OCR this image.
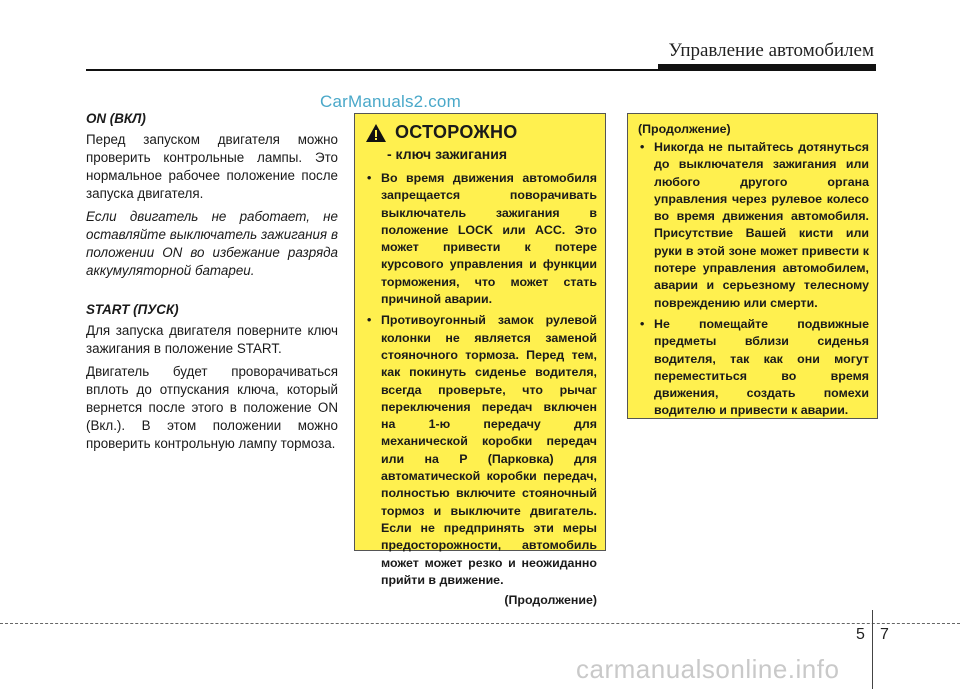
Управление автомобилем
CarManuals2.com

ON (ВКЛ)

Перед запуском двигателя можно проверить контрольные лампы. Это нормальное рабочее положение после запуска двигателя.

Если двигатель не работает, не оставляйте выключатель зажигания в положении ON во избежание разряда аккумуляторной батареи.

START (ПУСК)

Для запуска двигателя поверните ключ зажигания в положение START.

Двигатель будет проворачиваться вплоть до отпускания ключа, который вернется после этого в положение ON (Вкл.). В этом положении можно проверить контрольную лампу тормоза.

ОСТОРОЖНО
- ключ зажигания
• Во время движения автомобиля запрещается поворачивать выключатель зажигания в положение LOCK или ACC. Это может привести к потере курсового управления и функции торможения, что может стать причиной аварии.
• Противоугонный замок рулевой колонки не является заменой стояночного тормоза. Перед тем, как покинуть сиденье водителя, всегда проверьте, что рычаг переключения передач включен на 1-ю передачу для механической коробки передач или на P (Парковка) для автоматической коробки передач, полностью включите стояночный тормоз и выключите двигатель. Если не предпринять эти меры предосторожности, автомобиль может может резко и неожиданно прийти в движение.
(Продолжение)
(Продолжение)
• Никогда не пытайтесь дотянуться до выключателя зажигания или любого другого органа управления через рулевое колесо во время движения автомобиля. Присутствие Вашей кисти или руки в этой зоне может привести к потере управления автомобилем, аварии и серьезному телесному повреждению или смерти.
• Не помещайте подвижные предметы вблизи сиденья водителя, так как они могут переместиться во время движения, создать помехи водителю и привести к аварии.
5 7
carmanualsonline.info
